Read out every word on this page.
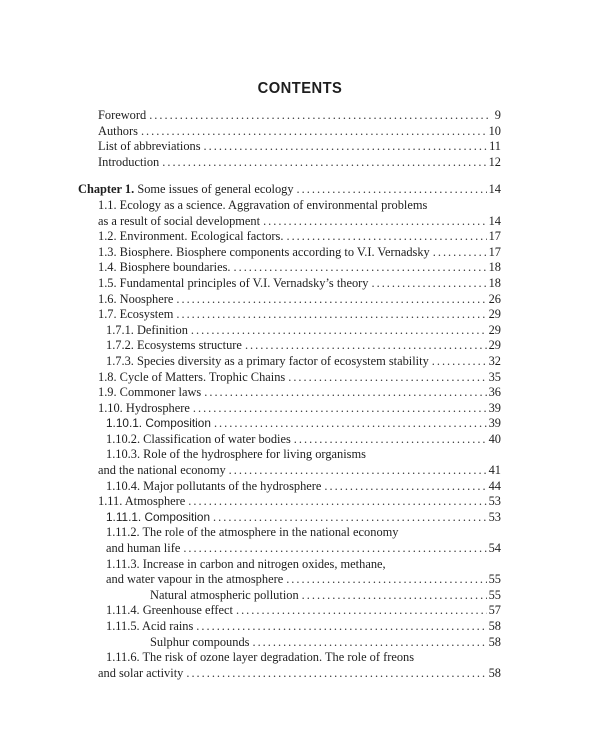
CONTENTS
Foreword .....	9
Authors .....	10
List of abbreviations .....	11
Introduction .....	12
Chapter 1. Some issues of general ecology .....	14
1.1. Ecology as a science. Aggravation of environmental problems
as a result of social development .....	14
1.2. Environment. Ecological factors. .....	17
1.3. Biosphere. Biosphere components according to V.I. Vernadsky .....	17
1.4. Biosphere boundaries. .....	18
1.5. Fundamental principles of V.I. Vernadsky’s theory .....	18
1.6. Noosphere .....	26
1.7. Ecosystem .....	29
1.7.1. Definition .....	29
1.7.2. Ecosystems structure .....	29
1.7.3. Species diversity as a primary factor of ecosystem stability .....	32
1.8. Cycle of Matters. Trophic Chains .....	35
1.9. Commoner laws .....	36
1.10. Hydrosphere .....	39
1.10.1. Composition .....	39
1.10.2. Classification of water bodies .....	40
1.10.3. Role of the hydrosphere for living organisms
and the national economy .....	41
1.10.4. Major pollutants of the hydrosphere .....	44
1.11. Atmosphere .....	53
1.11.1. Composition .....	53
1.11.2. The role of the atmosphere in the national economy
and human life .....	54
1.11.3. Increase in carbon and nitrogen oxides, methane,
and water vapour in the atmosphere .....	55
Natural atmospheric pollution .....	55
1.11.4. Greenhouse effect .....	57
1.11.5. Acid rains .....	58
Sulphur compounds .....	58
1.11.6. The risk of ozone layer degradation. The role of freons
and solar activity .....	58
